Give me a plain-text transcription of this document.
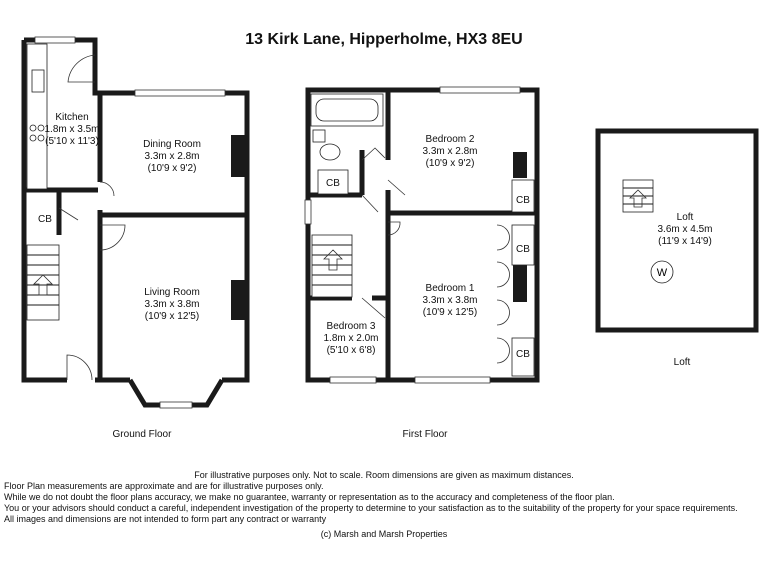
13 Kirk Lane, Hipperholme, HX3 8EU
Kitchen
1.8m x 3.5m
(5'10 x 11'3)	Dining Room
3.3m x 2.8m
(10'9 x 9'2)
Living Room
3.3m x 3.8m
(10'9 x 12'5)
CB
Ground Floor
CB
CB
CB
CB
Bedroom 2
3.3m x 2.8m
(10'9 x 9'2)
Bedroom 1
3.3m x 3.8m
(10'9 x 12'5)
Bedroom 3
1.8m x 2.0m
(5'10 x 6'8)
First Floor
W
Loft
3.6m x 4.5m
(11'9 x 14'9)
Loft
For illustrative purposes only. Not to scale. Room dimensions are given as maximum distances.
Floor Plan measurements are approximate and are for illustrative purposes only.
While we do not doubt the floor plans accuracy, we make no guarantee, warranty or representation as to the accuracy and completeness of the floor plan.
You or your advisors should conduct a careful, independent investigation of the property to determine to your satisfaction as to the suitability of the property for your space requirements.
All images and dimensions are not intended to form part any contract or warranty
(c) Marsh and Marsh Properties
